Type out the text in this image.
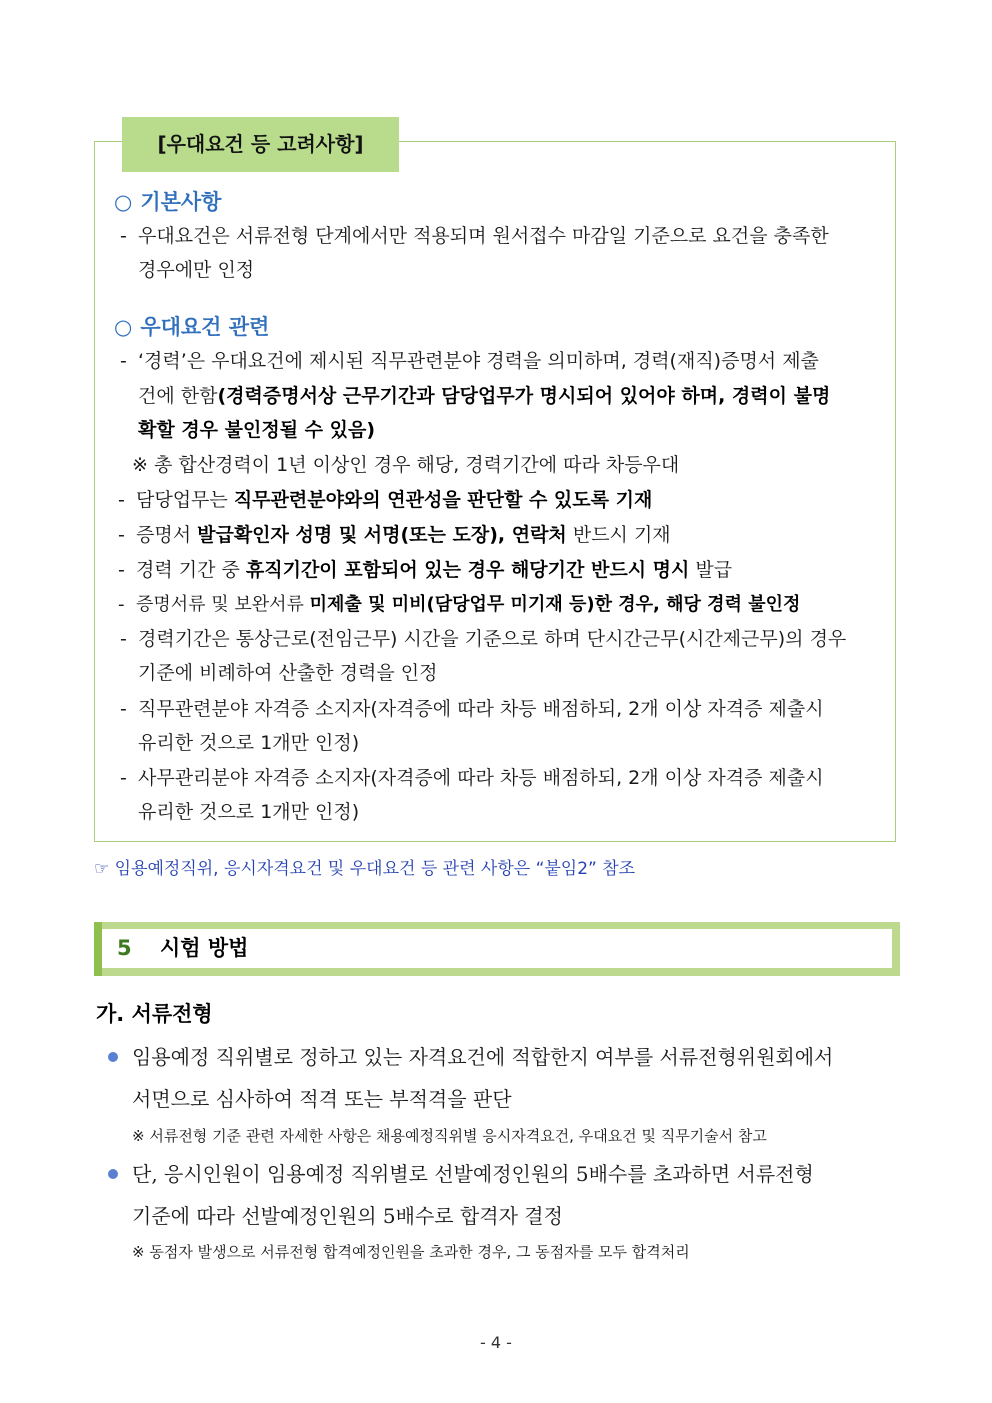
[우대요건 등 고려사항]
○ 기본사항
- 우대요건은 서류전형 단계에서만 적용되며 원서접수 마감일 기준으로 요건을 충족한
경우에만 인정
○ 우대요건 관련
- ‘경력’은 우대요건에 제시된 직무관련분야 경력을 의미하며, 경력(재직)증명서 제출
건에 한함(경력증명서상 근무기간과 담당업무가 명시되어 있어야 하며, 경력이 불명
확할 경우 불인정될 수 있음)
※ 총 합산경력이 1년 이상인 경우 해당, 경력기간에 따라 차등우대
- 담당업무는 직무관련분야와의 연관성을 판단할 수 있도록 기재
- 증명서 발급확인자 성명 및 서명(또는 도장), 연락처 반드시 기재
- 경력 기간 중 휴직기간이 포함되어 있는 경우 해당기간 반드시 명시 발급
- 증명서류 및 보완서류 미제출 및 미비(담당업무 미기재 등)한 경우, 해당 경력 불인정
- 경력기간은 통상근로(전임근무) 시간을 기준으로 하며 단시간근무(시간제근무)의 경우
기준에 비례하여 산출한 경력을 인정
- 직무관련분야 자격증 소지자(자격증에 따라 차등 배점하되, 2개 이상 자격증 제출시
유리한 것으로 1개만 인정)
- 사무관리분야 자격증 소지자(자격증에 따라 차등 배점하되, 2개 이상 자격증 제출시
유리한 것으로 1개만 인정)
☞ 임용예정직위, 응시자격요건 및 우대요건 등 관련 사항은 “붙임2” 참조
5 시험 방법
가. 서류전형
임용예정 직위별로 정하고 있는 자격요건에 적합한지 여부를 서류전형위원회에서
서면으로 심사하여 적격 또는 부적격을 판단
※ 서류전형 기준 관련 자세한 사항은 채용예정직위별 응시자격요건, 우대요건 및 직무기술서 참고
단, 응시인원이 임용예정 직위별로 선발예정인원의 5배수를 초과하면 서류전형
기준에 따라 선발예정인원의 5배수로 합격자 결정
※ 동점자 발생으로 서류전형 합격예정인원을 초과한 경우, 그 동점자를 모두 합격처리
- 4 -
